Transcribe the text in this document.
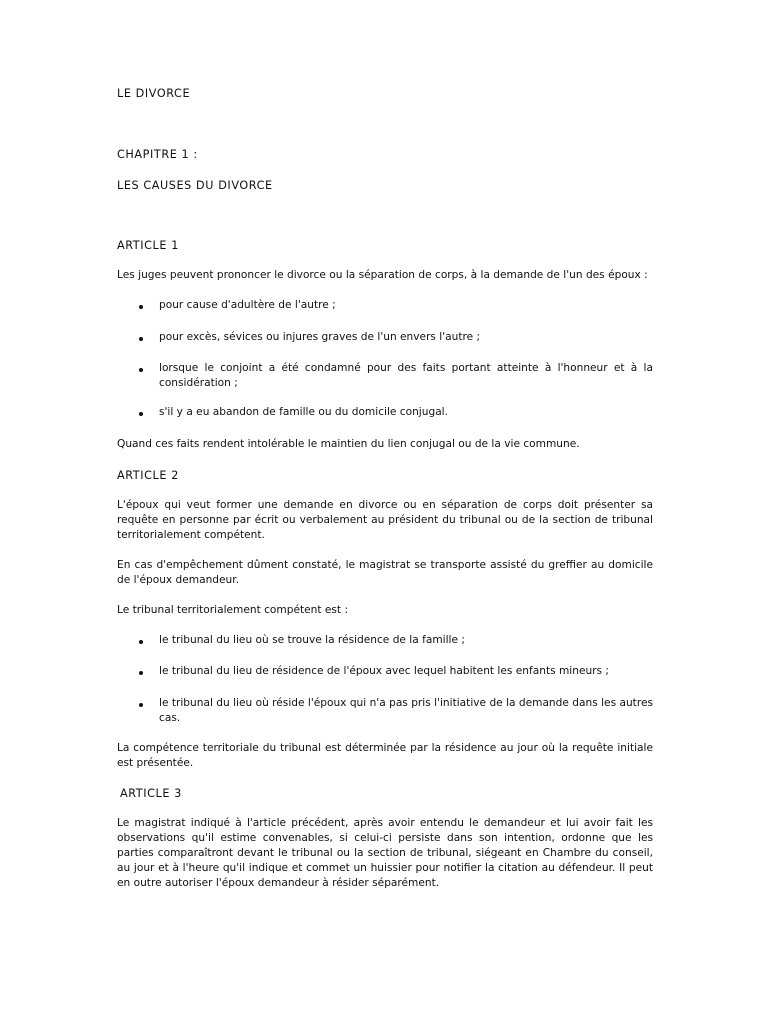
LE DIVORCE

CHAPITRE 1 :

LES CAUSES DU DIVORCE

ARTICLE 1

Les juges peuvent prononcer le divorce ou la séparation de corps, à la demande de l'un des époux :

pour cause d'adultère de l'autre ;

pour excès, sévices ou injures graves de l'un envers l'autre ;

lorsque le conjoint a été condamné pour des faits portant atteinte à l'honneur et à la considération ;

s'il y a eu abandon de famille ou du domicile conjugal.

Quand ces faits rendent intolérable le maintien du lien conjugal ou de la vie commune.

ARTICLE 2

L'époux qui veut former une demande en divorce ou en séparation de corps doit présenter sa requête en personne par écrit ou verbalement au président du tribunal ou de la section de tribunal territorialement compétent.

En cas d'empêchement dûment constaté, le magistrat se transporte assisté du greffier au domicile de l'époux demandeur.

Le tribunal territorialement compétent est :

le tribunal du lieu où se trouve la résidence de la famille ;

le tribunal du lieu de résidence de l'époux avec lequel habitent les enfants mineurs ;

le tribunal du lieu où réside l'époux qui n'a pas pris l'initiative de la demande dans les autres cas.

La compétence territoriale du tribunal est déterminée par la résidence au jour où la requête initiale est présentée.

ARTICLE 3

Le magistrat indiqué à l'article précédent, après avoir entendu le demandeur et lui avoir fait les observations qu'il estime convenables, si celui-ci persiste dans son intention, ordonne que les parties comparaîtront devant le tribunal ou la section de tribunal, siégeant en Chambre du conseil, au jour et à l'heure qu'il indique et commet un huissier pour notifier la citation au défendeur. Il peut en outre autoriser l'époux demandeur à résider séparément.
